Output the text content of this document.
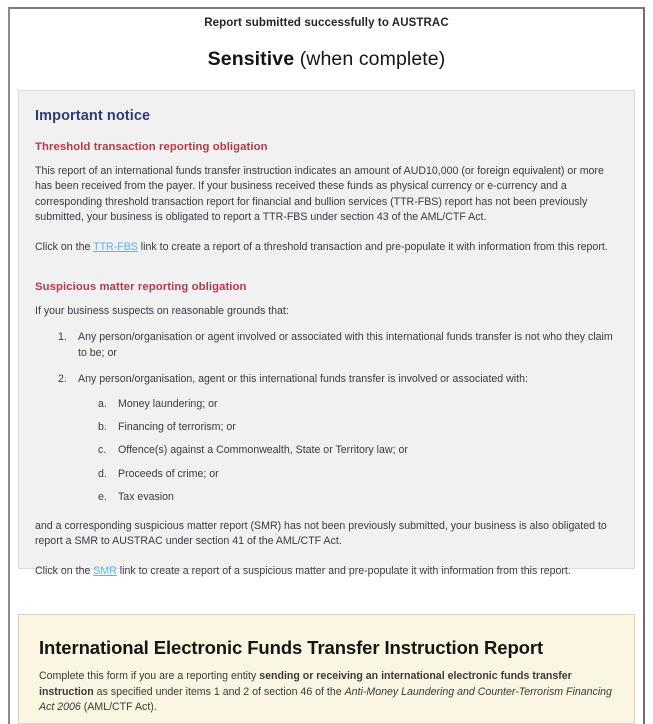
Report submitted successfully to AUSTRAC
Sensitive (when complete)
Important notice
Threshold transaction reporting obligation

This report of an international funds transfer instruction indicates an amount of AUD10,000 (or foreign equivalent) or more has been received from the payer. If your business received these funds as physical currency or e-currency and a corresponding threshold transaction report for financial and bullion services (TTR-FBS) report has not been previously submitted, your business is obligated to report a TTR-FBS under section 43 of the AML/CTF Act.

Click on the TTR-FBS link to create a report of a threshold transaction and pre-populate it with information from this report.

Suspicious matter reporting obligation

If your business suspects on reasonable grounds that:

1.	Any person/organisation or agent involved or associated with this international funds transfer is not who they claim to be; or
2.	Any person/organisation, agent or this international funds transfer is involved or associated with:
a.	Money laundering; or
b.	Financing of terrorism; or
c.	Offence(s) against a Commonwealth, State or Territory law; or
d.	Proceeds of crime; or
e.	Tax evasion

and a corresponding suspicious matter report (SMR) has not been previously submitted, your business is also obligated to report a SMR to AUSTRAC under section 41 of the AML/CTF Act.

Click on the SMR link to create a report of a suspicious matter and pre-populate it with information from this report.

International Electronic Funds Transfer Instruction Report

Complete this form if you are a reporting entity sending or receiving an international electronic funds transfer instruction as specified under items 1 and 2 of section 46 of the Anti-Money Laundering and Counter-Terrorism Financing Act 2006 (AML/CTF Act).
